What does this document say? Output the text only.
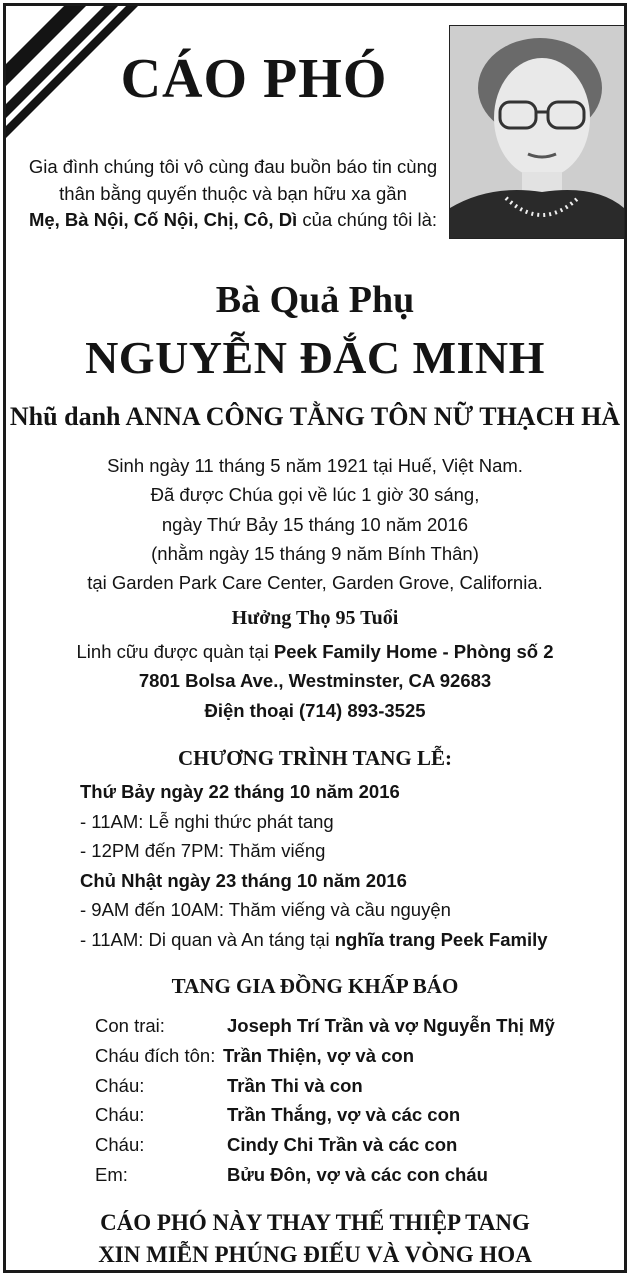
CÁO PHÓ
Gia đình chúng tôi vô cùng đau buồn báo tin cùng
thân bằng quyến thuộc và bạn hữu xa gần
Mẹ, Bà Nội, Cố Nội, Chị, Cô, Dì của chúng tôi là:
Bà Quả Phụ
NGUYỄN ĐẮC MINH
Nhũ danh ANNA CÔNG TẰNG TÔN NỮ THẠCH HÀ
Sinh ngày 11 tháng 5 năm 1921 tại Huế, Việt Nam.
Đã được Chúa gọi về lúc 1 giờ 30 sáng,
ngày Thứ Bảy 15 tháng 10 năm 2016
(nhằm ngày 15 tháng 9 năm Bính Thân)
tại Garden Park Care Center, Garden Grove, California.
Hưởng Thọ 95 Tuổi
Linh cữu được quàn tại Peek Family Home - Phòng số 2
7801 Bolsa Ave., Westminster, CA 92683
Điện thoại (714) 893-3525
CHƯƠNG TRÌNH TANG LỄ:
Thứ Bảy ngày 22 tháng 10 năm 2016
- 11AM: Lễ nghi thức phát tang
- 12PM đến 7PM: Thăm viếng
Chủ Nhật ngày 23 tháng 10 năm 2016
- 9AM đến 10AM: Thăm viếng và cầu nguyện
- 11AM: Di quan và An táng tại nghĩa trang Peek Family
TANG GIA ĐỒNG KHẤP BÁO
Con trai:	Joseph Trí Trần và vợ Nguyễn Thị Mỹ
Cháu đích tôn: Trần Thiện, vợ và con
Cháu:	Trần Thi và con
Cháu:	Trần Thắng, vợ và các con
Cháu:	Cindy Chi Trần và các con
Em:	Bửu Đôn, vợ và các con cháu
CÁO PHÓ NÀY THAY THẾ THIỆP TANG
XIN MIỄN PHÚNG ĐIẾU VÀ VÒNG HOA
